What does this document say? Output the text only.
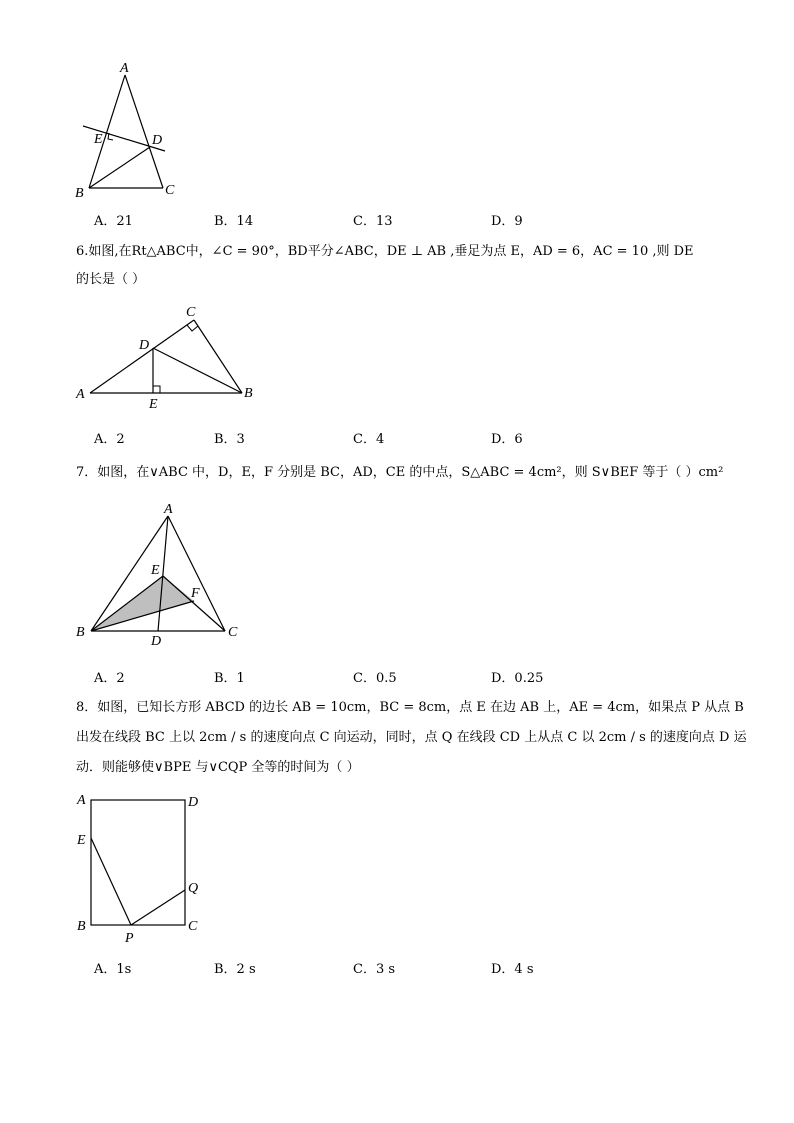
A
B	C
D
E
A．21	B．14	C．13	D．9
6.如图,在Rt△ABC中，∠C = 90°，BD平分∠ABC，DE ⊥ AB ,垂足为点 E，AD = 6，AC = 10 ,则 DE
的长是（ ）
A	B
C
D
E
A．2	B．3	C．4	D．6
7．如图，在∨ABC 中，D，E，F 分别是 BC，AD，CE 的中点，S△ABC = 4cm²，则 S∨BEF 等于（ ）cm²
A
B	C
D
E
F
A．2	B．1	C．0.5	D．0.25
8．如图，已知长方形 ABCD 的边长 AB = 10cm，BC = 8cm，点 E 在边 AB 上，AE = 4cm，如果点 P 从点 B
出发在线段 BC 上以 2cm / s 的速度向点 C 向运动，同时，点 Q 在线段 CD 上从点 C 以 2cm / s 的速度向点 D 运
动．则能够使∨BPE 与∨CQP 全等的时间为（ ）
A
B	C
D
E
P
Q
A．1s	B．2 s	C．3 s	D．4 s
